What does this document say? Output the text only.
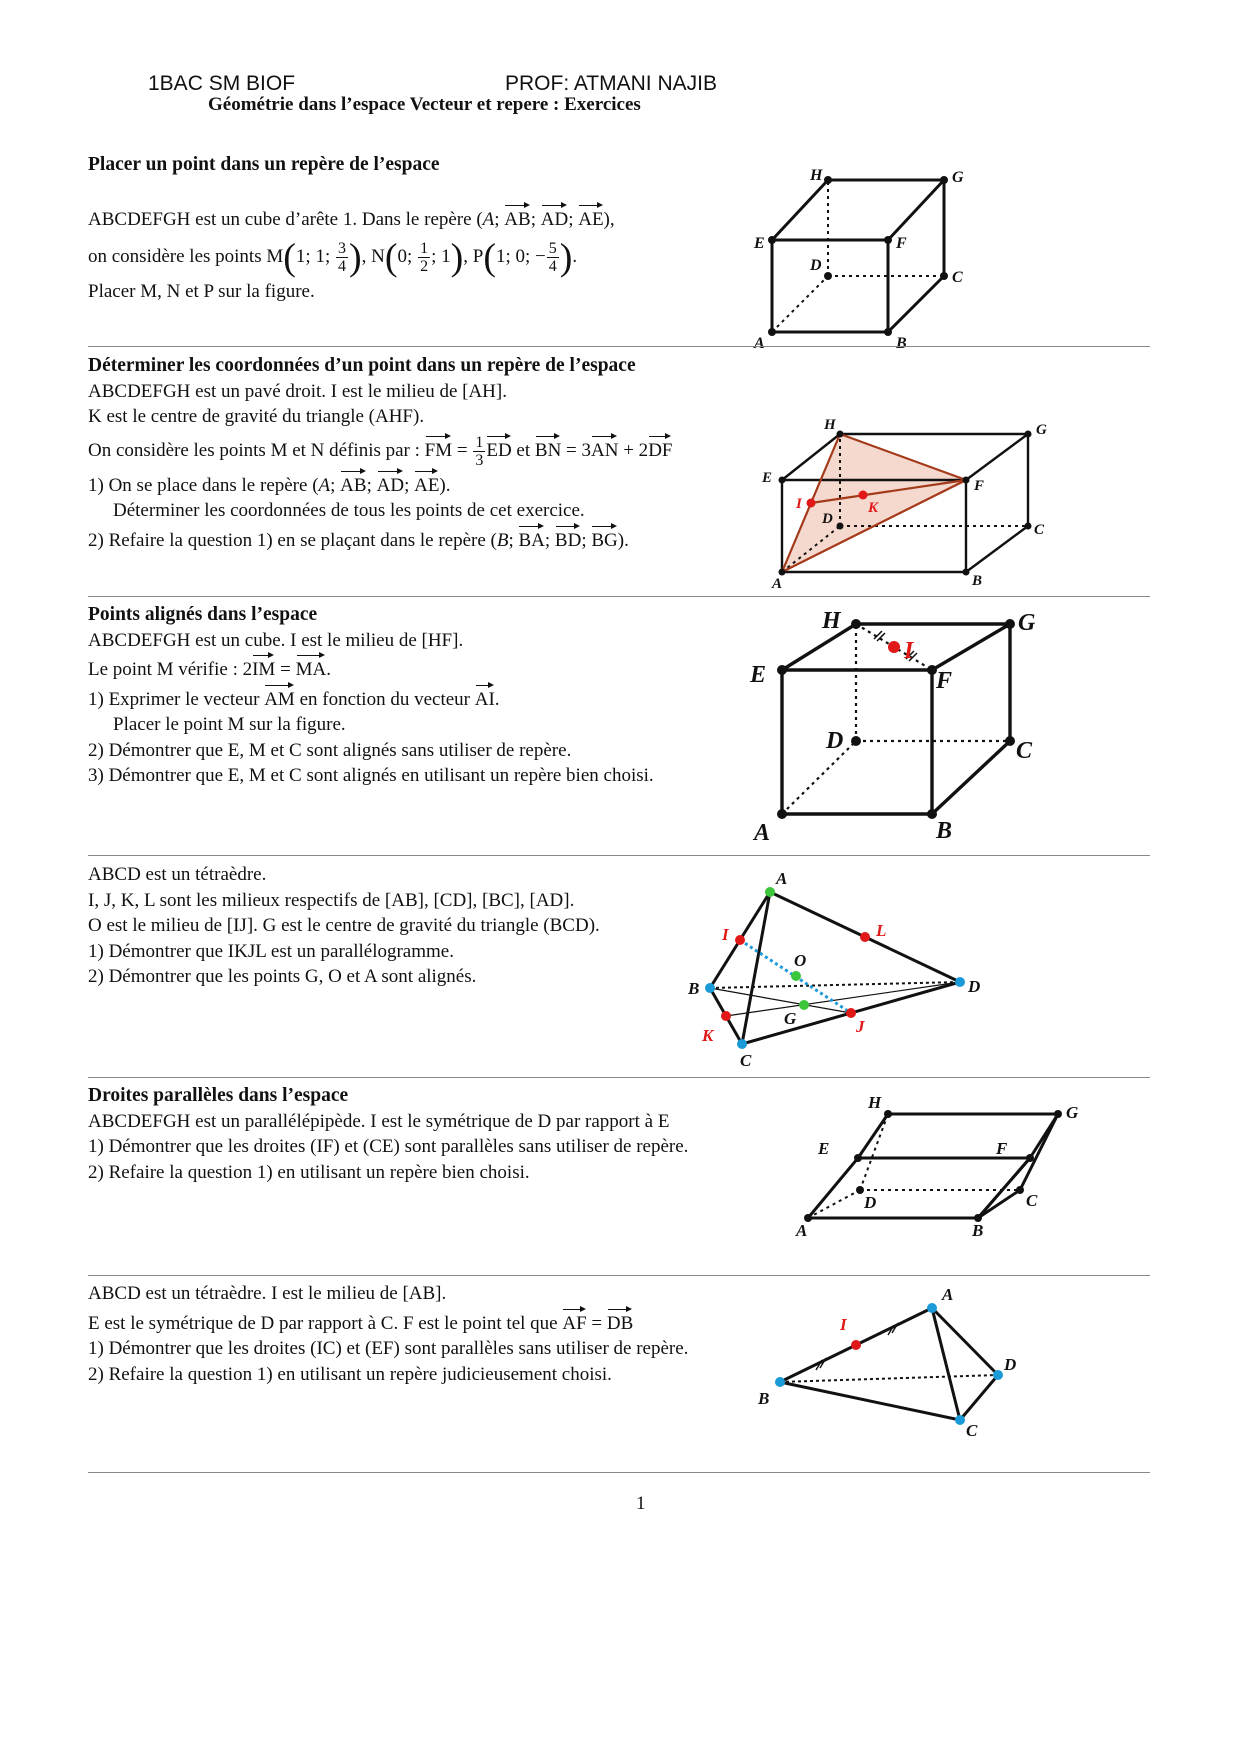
1BAC SM BIOF	PROF: ATMANI NAJIB
Géométrie dans l’espace Vecteur et repere : Exercices
Placer un point dans un repère de l’espace
ABCDEFGH est un cube d’arête 1. Dans le repère (A; AB; AD; AE),
on considère les points M(1; 1; $\frac{3}{4}$ ), N(0; $\frac{1}{2}$ ; 1), P(1; 0; − $\frac{5}{4}$ ).
Placer M, N et P sur la figure.
H	G
E	F
D
C
A	B
Déterminer les coordonnées d’un point dans un repère de l’espace
ABCDEFGH est un pavé droit. I est le milieu de [AH].
K est le centre de gravité du triangle (AHF).
On considère les points M et N définis par : FM = $\frac{1}{3}$ ED et BN = 3AN + 2DF
1) On se place dans le repère (A; AB; AD; AE).
Déterminer les coordonnées de tous les points de cet exercice.
2) Refaire la question 1) en se plaçant dans le repère (B; BA; BD; BG).
H	G
E	F
I	K
D
C
A	B
Points alignés dans l’espace
ABCDEFGH est un cube. I est le milieu de [HF].
Le point M vérifie : 2IM = MA.
1) Exprimer le vecteur AM en fonction du vecteur AI.
Placer le point M sur la figure.
2) Démontrer que E, M et C sont alignés sans utiliser de repère.
3) Démontrer que E, M et C sont alignés en utilisant un repère bien choisi.
H	G
I
E	F
D	C
A	B
ABCD est un tétraèdre.
I, J, K, L sont les milieux respectifs de [AB], [CD], [BC], [AD].
O est le milieu de [IJ]. G est le centre de gravité du triangle (BCD).
1) Démontrer que IKJL est un parallélogramme.
2) Démontrer que les points G, O et A sont alignés.
A
I	L
O
B	D
G	J
K
C
Droites parallèles dans l’espace
ABCDEFGH est un parallélépipède. I est le symétrique de D par rapport à E
1) Démontrer que les droites (IF) et (CE) sont parallèles sans utiliser de repère.
2) Refaire la question 1) en utilisant un repère bien choisi.
H
G
E	F
D	C
A	B
ABCD est un tétraèdre. I est le milieu de [AB].
E est le symétrique de D par rapport à C. F est le point tel que AF = DB
1) Démontrer que les droites (IC) et (EF) sont parallèles sans utiliser de repère.
2) Refaire la question 1) en utilisant un repère judicieusement choisi.
A
I
D
B
C
1
